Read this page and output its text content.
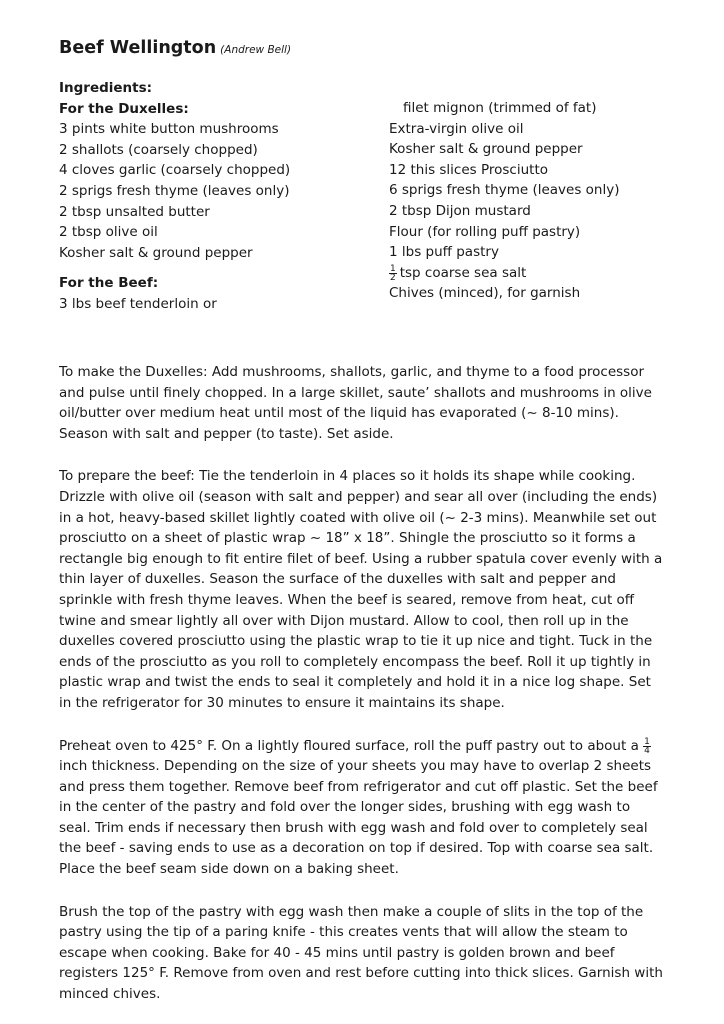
Beef Wellington (Andrew Bell)
Ingredients:
For the Duxelles:
3 pints white button mushrooms
2 shallots (coarsely chopped)
4 cloves garlic (coarsely chopped)
2 sprigs fresh thyme (leaves only)
2 tbsp unsalted butter
2 tbsp olive oil
Kosher salt & ground pepper
For the Beef:
3 lbs beef tenderloin or
filet mignon (trimmed of fat)
Extra-virgin olive oil
Kosher salt & ground pepper
12 this slices Prosciutto
6 sprigs fresh thyme (leaves only)
2 tbsp Dijon mustard
Flour (for rolling puff pastry)
1 lbs puff pastry
$\frac{1}{2}$ tsp coarse sea salt
Chives (minced), for garnish

To make the Duxelles: Add mushrooms, shallots, garlic, and thyme to a food processor and pulse until finely chopped. In a large skillet, saute’ shallots and mushrooms in olive oil/butter over medium heat until most of the liquid has evaporated (~ 8-10 mins). Season with salt and pepper (to taste). Set aside.

To prepare the beef: Tie the tenderloin in 4 places so it holds its shape while cooking. Drizzle with olive oil (season with salt and pepper) and sear all over (including the ends) in a hot, heavy-based skillet lightly coated with olive oil (~ 2-3 mins). Meanwhile set out prosciutto on a sheet of plastic wrap ~ 18” x 18”. Shingle the prosciutto so it forms a rectangle big enough to fit entire filet of beef. Using a rubber spatula cover evenly with a thin layer of duxelles. Season the surface of the duxelles with salt and pepper and sprinkle with fresh thyme leaves. When the beef is seared, remove from heat, cut off twine and smear lightly all over with Dijon mustard. Allow to cool, then roll up in the duxelles covered prosciutto using the plastic wrap to tie it up nice and tight. Tuck in the ends of the prosciutto as you roll to completely encompass the beef. Roll it up tightly in plastic wrap and twist the ends to seal it completely and hold it in a nice log shape. Set in the refrigerator for 30 minutes to ensure it maintains its shape.

Preheat oven to 425° F. On a lightly floured surface, roll the puff pastry out to about a $\frac{1}{4}$
inch thickness. Depending on the size of your sheets you may have to overlap 2 sheets and press them together. Remove beef from refrigerator and cut off plastic. Set the beef in the center of the pastry and fold over the longer sides, brushing with egg wash to seal. Trim ends if necessary then brush with egg wash and fold over to completely seal the beef - saving ends to use as a decoration on top if desired. Top with coarse sea salt. Place the beef seam side down on a baking sheet.

Brush the top of the pastry with egg wash then make a couple of slits in the top of the pastry using the tip of a paring knife - this creates vents that will allow the steam to escape when cooking. Bake for 40 - 45 mins until pastry is golden brown and beef registers 125° F. Remove from oven and rest before cutting into thick slices. Garnish with minced chives.
